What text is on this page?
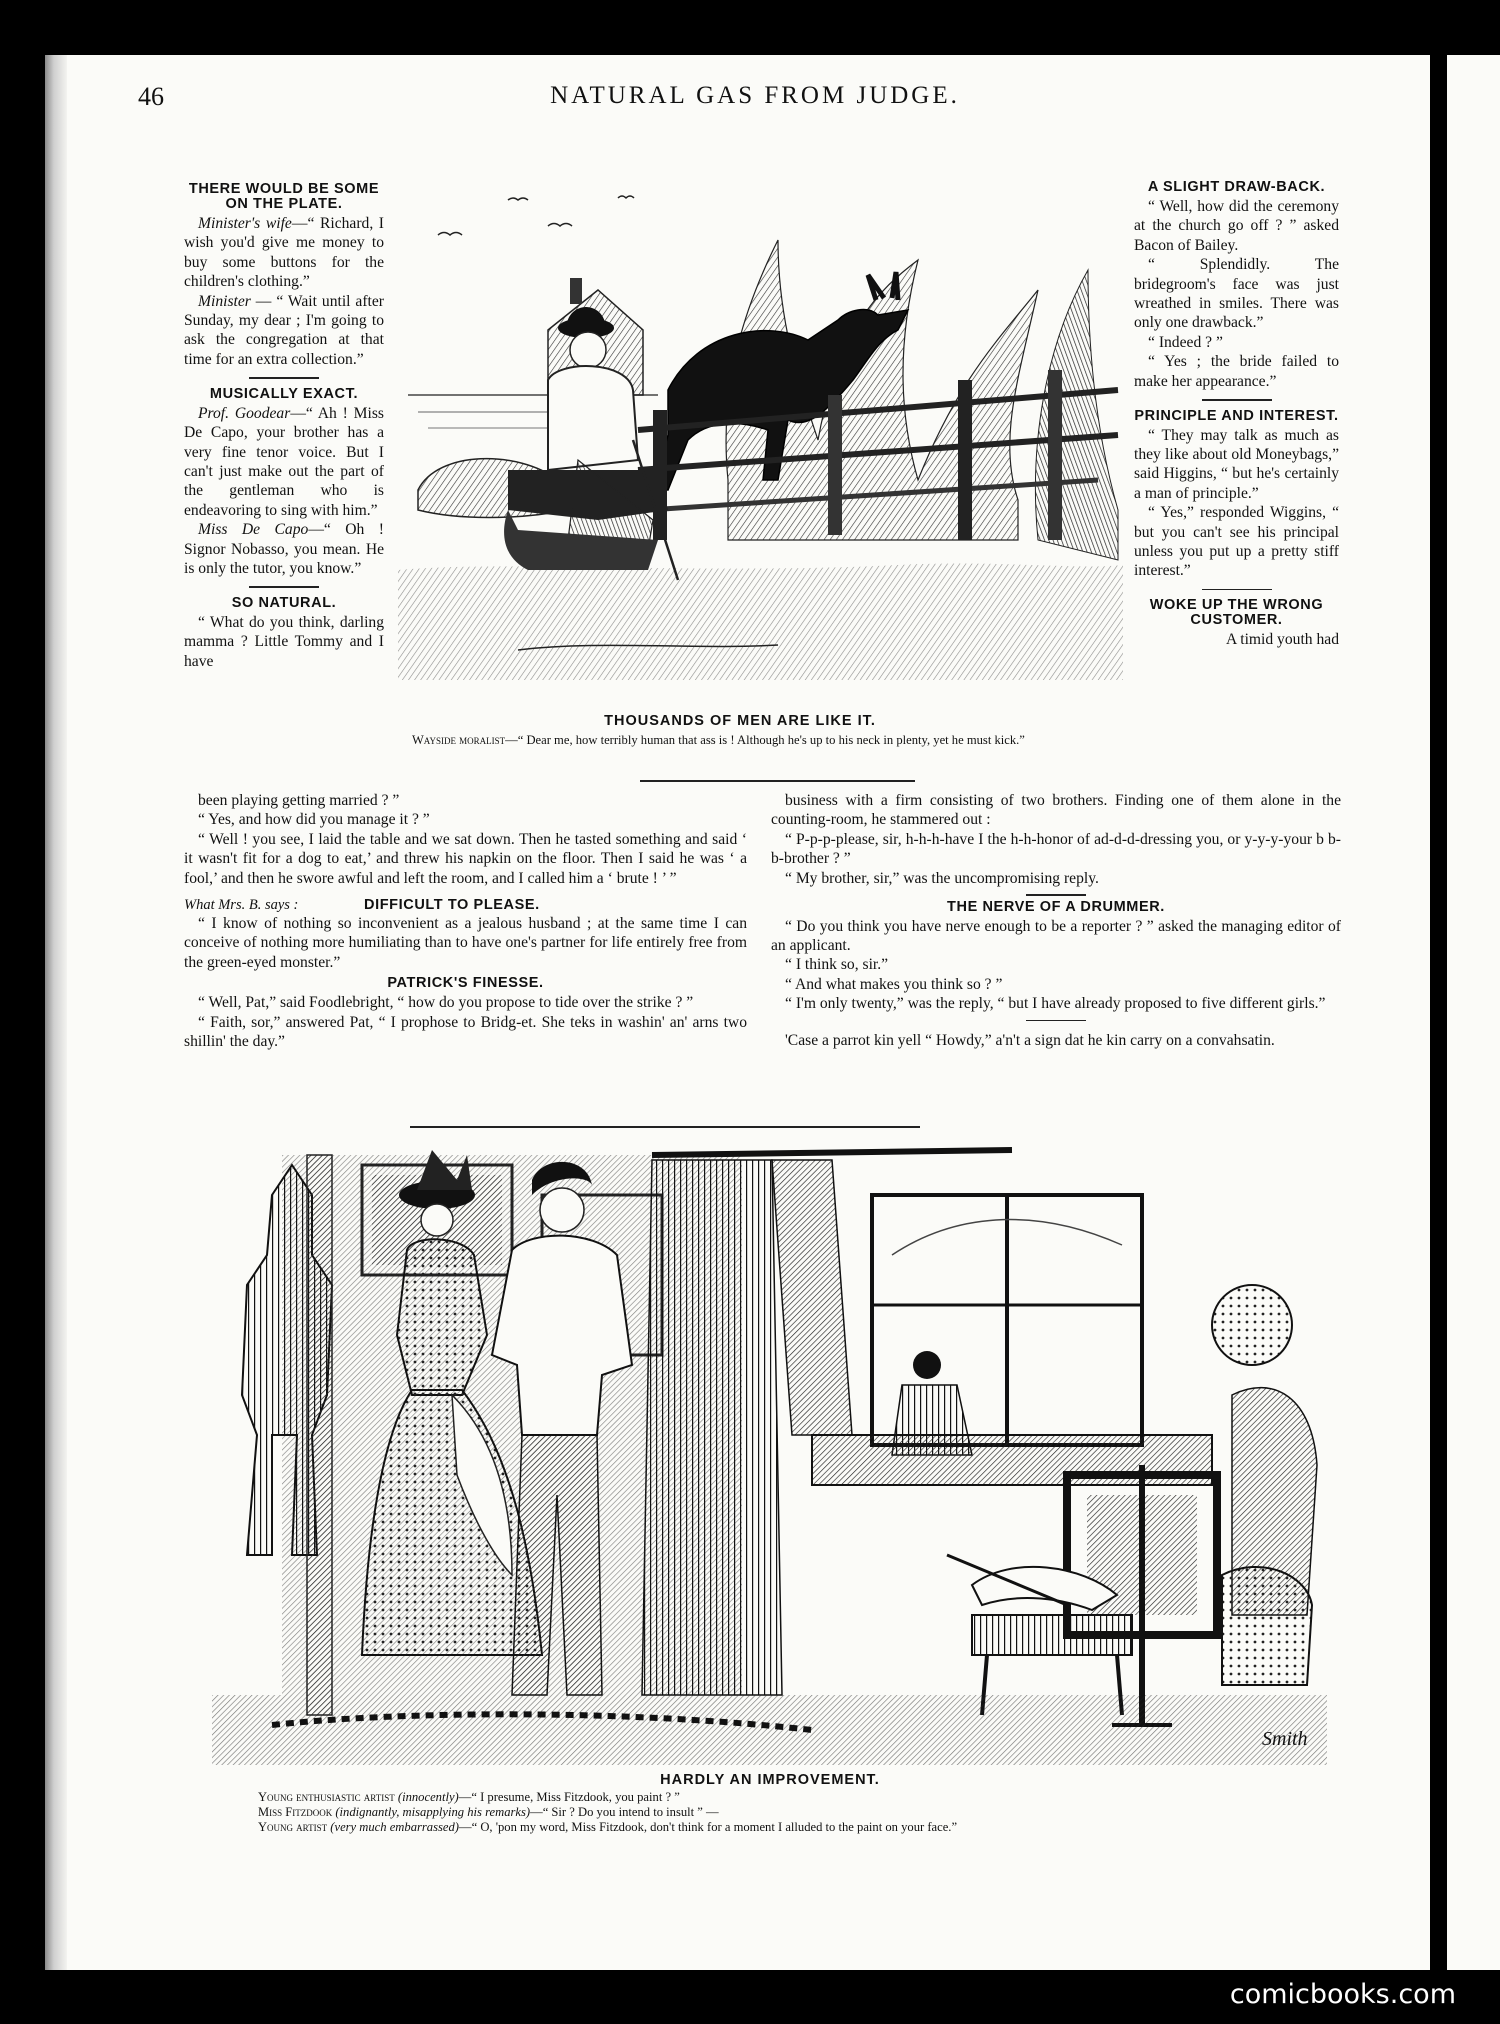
46	NATURAL GAS FROM JUDGE.
THERE WOULD BE SOME ON THE PLATE.

Minister's wife—“ Richard, I wish you'd give me money to buy some buttons for the children's clothing.”

Minister — “ Wait until after Sunday, my dear ; I'm going to ask the congregation at that time for an extra collection.”

MUSICALLY EXACT.

Prof. Goodear—“ Ah ! Miss De Capo, your brother has a very fine tenor voice. But I can't just make out the part of the gentleman who is endeavoring to sing with him.”

Miss De Capo—“ Oh ! Signor Nobasso, you mean. He is only the tutor, you know.”

SO NATURAL.

“ What do you think, darling mamma ? Little Tommy and I have

A SLIGHT DRAW-BACK.

“ Well, how did the ceremony at the church go off ? ” asked Bacon of Bailey.

“ Splendidly. The bridegroom's face was just wreathed in smiles. There was only one drawback.”

“ Indeed ? ”

“ Yes ; the bride failed to make her appearance.”

PRINCIPLE AND INTEREST.

“ They may talk as much as they like about old Moneybags,” said Higgins, “ but he's certainly a man of principle.”

“ Yes,” responded Wiggins, “ but you can't see his principal unless you put up a pretty stiff interest.”

WOKE UP THE WRONG CUSTOMER.

A timid youth had

THOUSANDS OF MEN ARE LIKE IT.
Wayside moralist—“ Dear me, how terribly human that ass is ! Although he's up to his neck in plenty, yet he must kick.”

been playing getting married ? ”

“ Yes, and how did you manage it ? ”

“ Well ! you see, I laid the table and we sat down. Then he tasted something and said ‘ it wasn't fit for a dog to eat,’ and threw his napkin on the floor. Then I said he was ‘ a fool,’ and then he swore awful and left the room, and I called him a ‘ brute ! ’ ”

What Mrs. B. says :	DIFFICULT TO PLEASE.

“ I know of nothing so inconvenient as a jealous husband ; at the same time I can conceive of nothing more humiliating than to have one's partner for life entirely free from the green-eyed monster.”

PATRICK'S FINESSE.

“ Well, Pat,” said Foodlebright, “ how do you propose to tide over the strike ? ”

“ Faith, sor,” answered Pat, “ I prophose to Bridg-et. She teks in washin' an' arns two shillin' the day.”

business with a firm consisting of two brothers. Finding one of them alone in the counting-room, he stammered out :

“ P-p-p-please, sir, h-h-h-have I the h-h-honor of ad-d-d-dressing you, or y-y-y-your b b-b-brother ? ”

“ My brother, sir,” was the uncompromising reply.

THE NERVE OF A DRUMMER.

“ Do you think you have nerve enough to be a reporter ? ” asked the managing editor of an applicant.

“ I think so, sir.”

“ And what makes you think so ? ”

“ I'm only twenty,” was the reply, “ but I have already proposed to five different girls.”

'Case a parrot kin yell “ Howdy,” a'n't a sign dat he kin carry on a convahsatin.

Smith
HARDLY AN IMPROVEMENT.
Young enthusiastic artist (innocently)—“ I presume, Miss Fitzdook, you paint ? ”
Miss Fitzdook (indignantly, misapplying his remarks)—“ Sir ? Do you intend to insult ” —
Young artist (very much embarrassed)—“ O, 'pon my word, Miss Fitzdook, don't think for a moment I alluded to the paint on your face.”
comicbooks.com
